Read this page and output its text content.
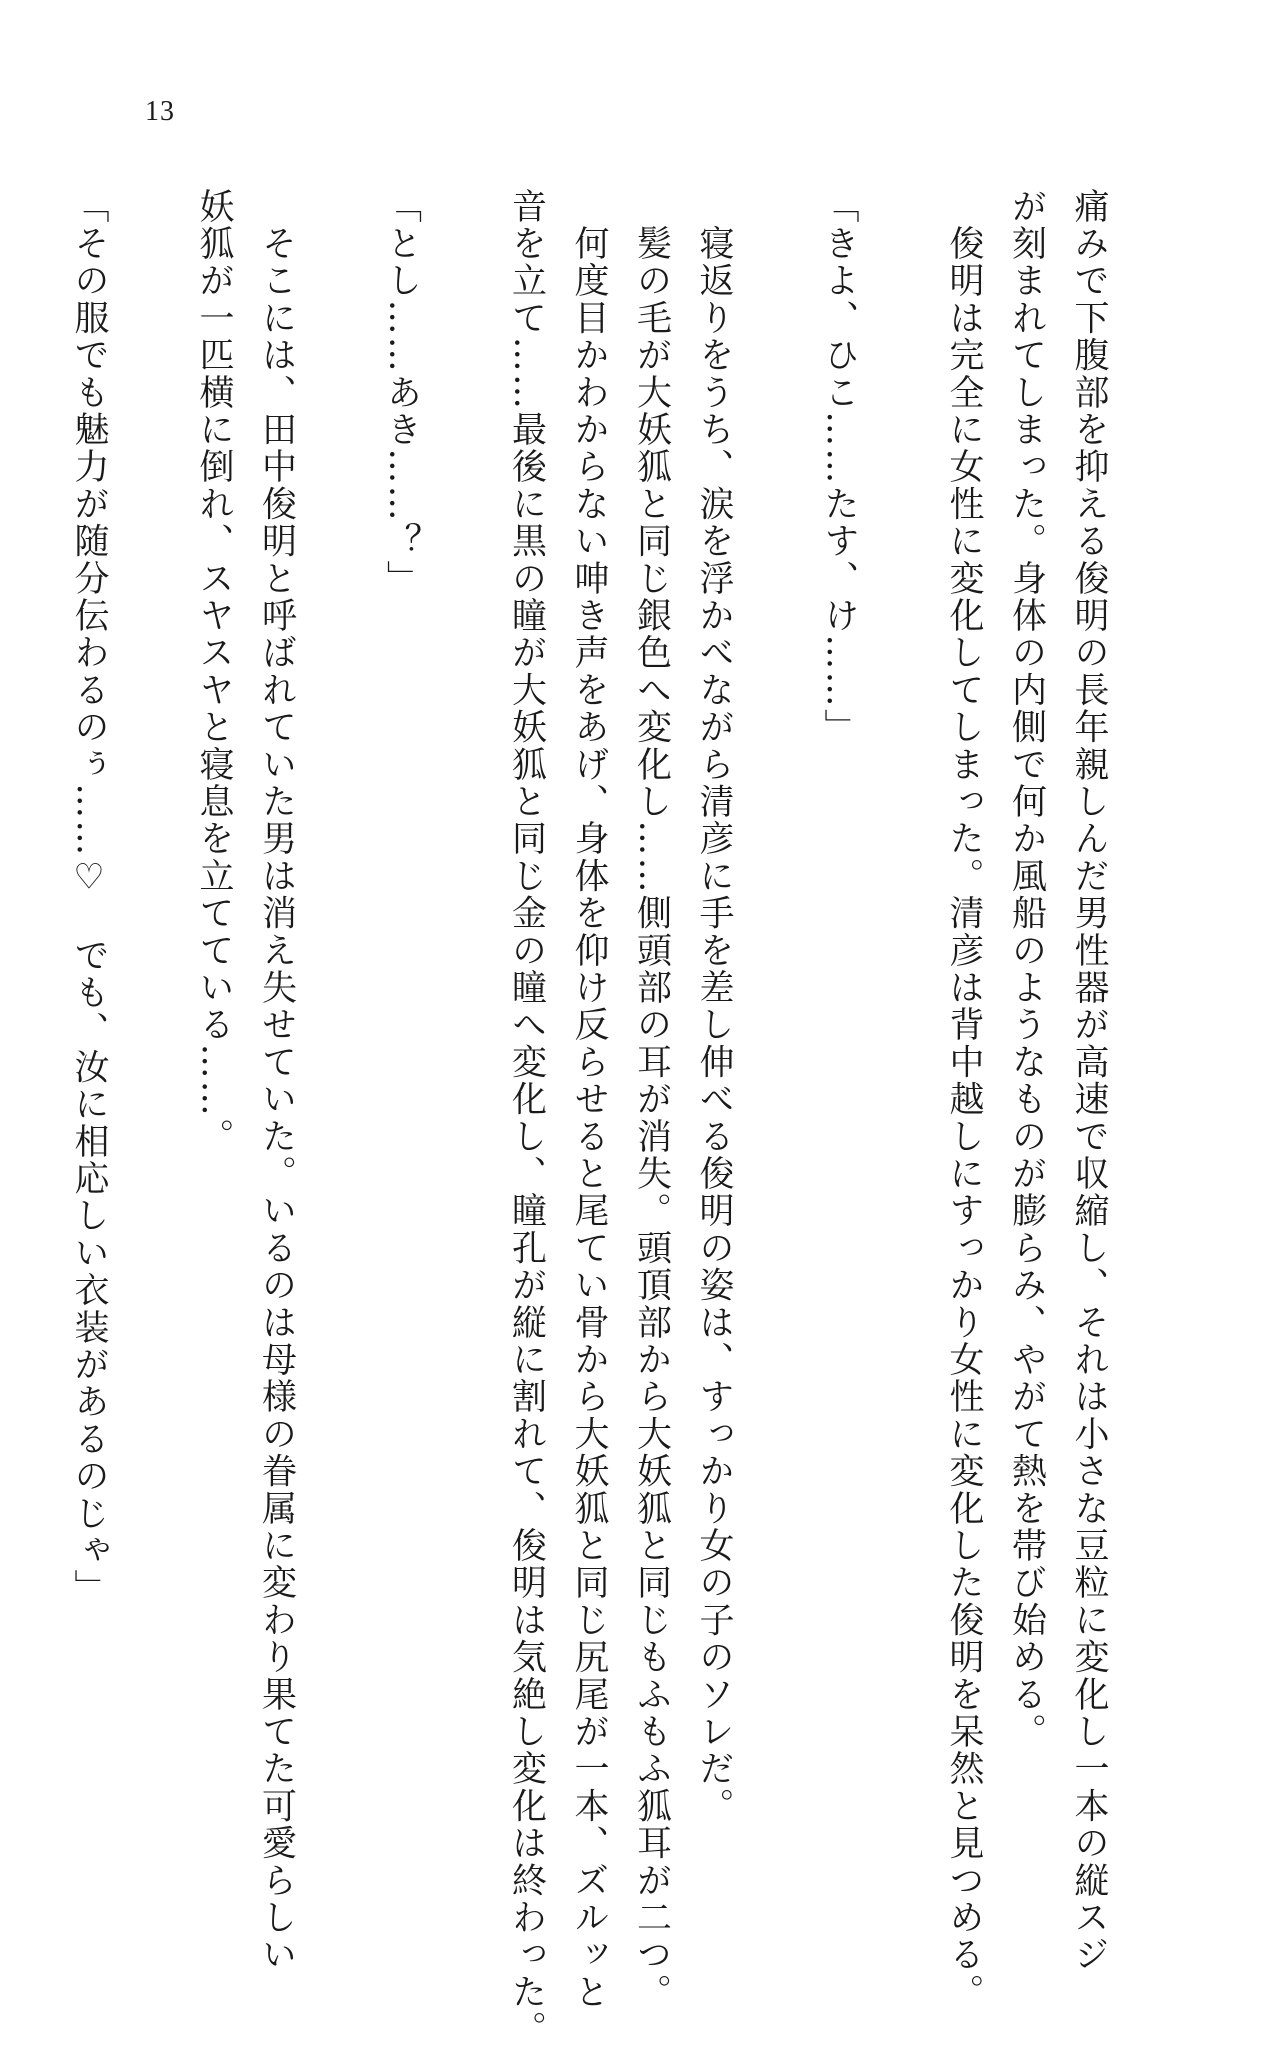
13
痛みで下腹部を抑える俊明の長年親しんだ男性器が高速で収縮し、それは小さな豆粒に変化し一本の縦スジ
が刻まれてしまった。身体の内側で何か風船のようなものが膨らみ、やがて熱を帯び始める。
　俊明は完全に女性に変化してしまった。清彦は背中越しにすっかり女性に変化した俊明を呆然と見つめる。
「きよ、ひこ……たす、け……」
　寝返りをうち、涙を浮かべながら清彦に手を差し伸べる俊明の姿は、すっかり女の子のソレだ。
　髪の毛が大妖狐と同じ銀色へ変化し……側頭部の耳が消失。頭頂部から大妖狐と同じもふもふ狐耳が二つ。
　何度目かわからない呻き声をあげ、身体を仰け反らせると尾てい骨から大妖狐と同じ尻尾が一本、ズルッと
音を立て……最後に黒の瞳が大妖狐と同じ金の瞳へ変化し、瞳孔が縦に割れて、俊明は気絶し変化は終わった。
「とし……あき……？」
　そこには、田中俊明と呼ばれていた男は消え失せていた。いるのは母様の眷属に変わり果てた可愛らしい
妖狐が一匹横に倒れ、スヤスヤと寝息を立てている……。
「その服でも魅力が随分伝わるのぅ……♡　でも、汝に相応しい衣装があるのじゃ」
